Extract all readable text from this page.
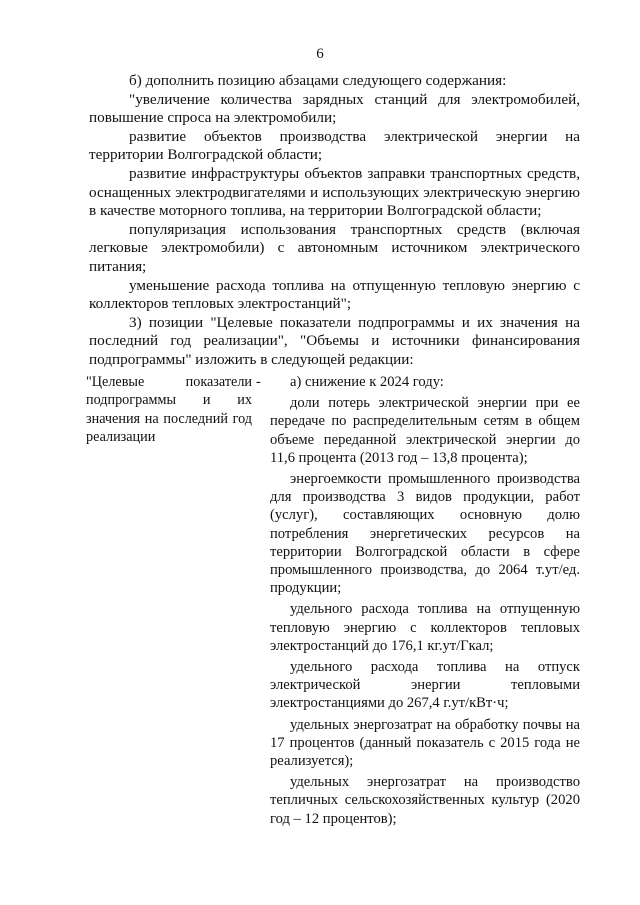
6

б) дополнить позицию абзацами следующего содержания:

"увеличение количества зарядных станций для электромобилей, повышение спроса на электромобили;

развитие объектов производства электрической энергии на территории Волгоградской области;

развитие инфраструктуры объектов заправки транспортных средств, оснащенных электродвигателями и использующих электрическую энергию в качестве моторного топлива, на территории Волгоградской области;

популяризация использования транспортных средств (включая легковые электромобили) с автономным источником электрического питания;

уменьшение расхода топлива на отпущенную тепловую энергию с коллекторов тепловых электростанций";

3) позиции "Целевые показатели подпрограммы и их значения на последний год реализации", "Объемы и источники финансирования подпрограммы" изложить в следующей редакции:

"Целевые показатели подпрограммы и их значения на последний год реализации
-	а) снижение к 2024 году:

доли потерь электрической энергии при ее передаче по распределительным сетям в общем объеме переданной электрической энергии до 11,6 процента (2013 год – 13,8 процента);

энергоемкости промышленного производства для производства 3 видов продукции, работ (услуг), составляющих основную долю потребления энергетических ресурсов на территории Волгоградской области в сфере промышленного производства, до 2064 т.ут/ед. продукции;

удельного расхода топлива на отпущенную тепловую энергию с коллекторов тепловых электростанций до 176,1 кг.ут/Гкал;

удельного расхода топлива на отпуск электрической энергии тепловыми электростанциями до 267,4 г.ут/кВт·ч;

удельных энергозатрат на обработку почвы на 17 процентов (данный показатель с 2015 года не реализуется);

удельных энергозатрат на производство тепличных сельскохозяйственных культур (2020 год – 12 процентов);
